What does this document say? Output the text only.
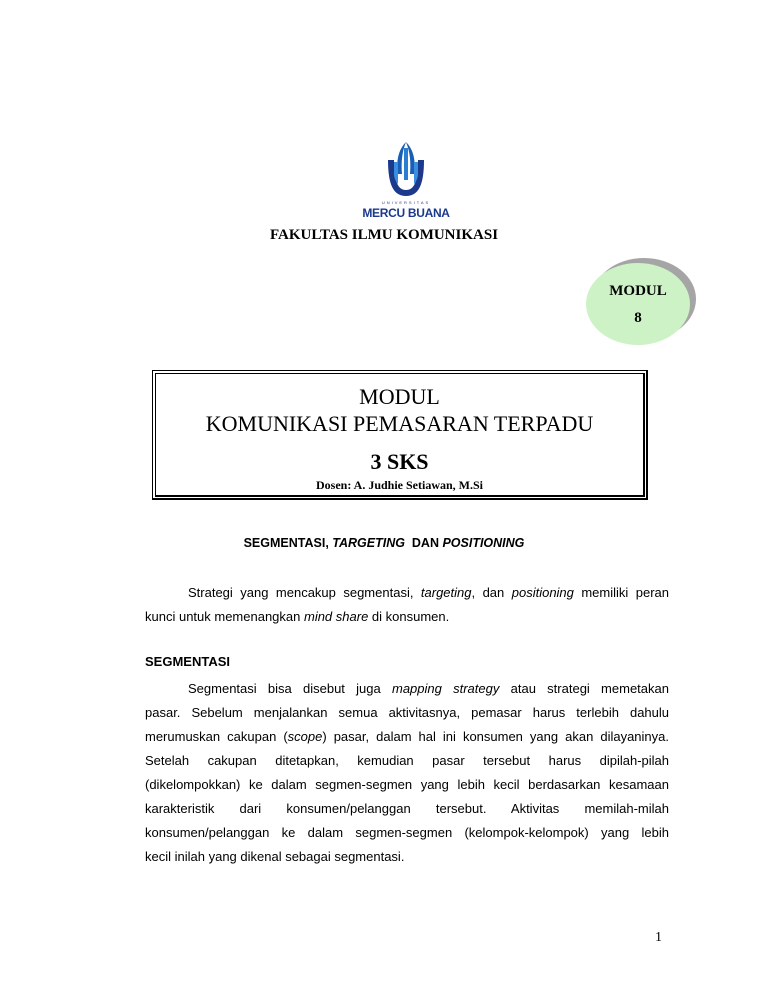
UNIVERSITAS
MERCU BUANA
FAKULTAS ILMU KOMUNIKASI
MODUL
8
MODUL
KOMUNIKASI PEMASARAN TERPADU
3 SKS
Dosen: A. Judhie Setiawan, M.Si
SEGMENTASI, TARGETING  DAN POSITIONING
Strategi yang mencakup segmentasi, targeting, dan positioning memiliki peran
kunci untuk memenangkan mind share di konsumen.
SEGMENTASI
Segmentasi bisa disebut juga mapping strategy atau strategi memetakan
pasar. Sebelum menjalankan semua aktivitasnya, pemasar harus terlebih dahulu
merumuskan cakupan (scope) pasar, dalam hal ini konsumen yang akan dilayaninya.
Setelah cakupan ditetapkan, kemudian pasar tersebut harus dipilah-pilah
(dikelompokkan) ke dalam segmen-segmen yang lebih kecil berdasarkan kesamaan
karakteristik dari konsumen/pelanggan tersebut. Aktivitas memilah-milah
konsumen/pelanggan ke dalam segmen-segmen (kelompok-kelompok) yang lebih
kecil inilah yang dikenal sebagai segmentasi.
1
